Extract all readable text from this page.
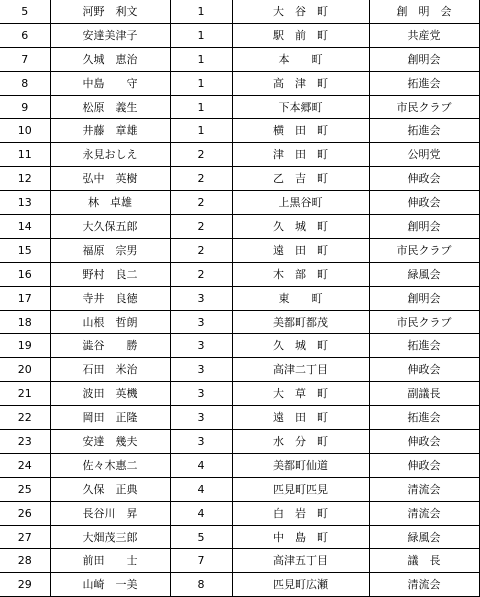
5	河野　利文	1	大　谷　町	創　明　会
6	安達美津子	1	駅　前　町	共産党
7	久城　恵治	1	本　　町	創明会
8	中島　　守	1	高　津　町	拓進会
9	松原　義生	1	下本郷町	市民クラブ
10	井藤　章雄	1	横　田　町	拓進会
11	永見おしえ	2	津　田　町	公明党
12	弘中　英樹	2	乙　吉　町	伸政会
13	林　卓雄	2	上黒谷町	伸政会
14	大久保五郎	2	久　城　町	創明会
15	福原　宗男	2	遠　田　町	市民クラブ
16	野村　良二	2	木　部　町	緑風会
17	寺井　良徳	3	東　　町	創明会
18	山根　哲朗	3	美都町都茂	市民クラブ
19	澁谷　　勝	3	久　城　町	拓進会
20	石田　米治	3	高津二丁目	伸政会
21	波田　英機	3	大　草　町	副議長
22	岡田　正隆	3	遠　田　町	拓進会
23	安達　幾夫	3	水　分　町	伸政会
24	佐々木惠二	4	美都町仙道	伸政会
25	久保　正典	4	匹見町匹見	清流会
26	長谷川　昇	4	白　岩　町	清流会
27	大畑茂三郎	5	中　島　町	緑風会
28	前田　　士	7	高津五丁目	議　長
29	山崎　一美	8	匹見町広瀬	清流会
